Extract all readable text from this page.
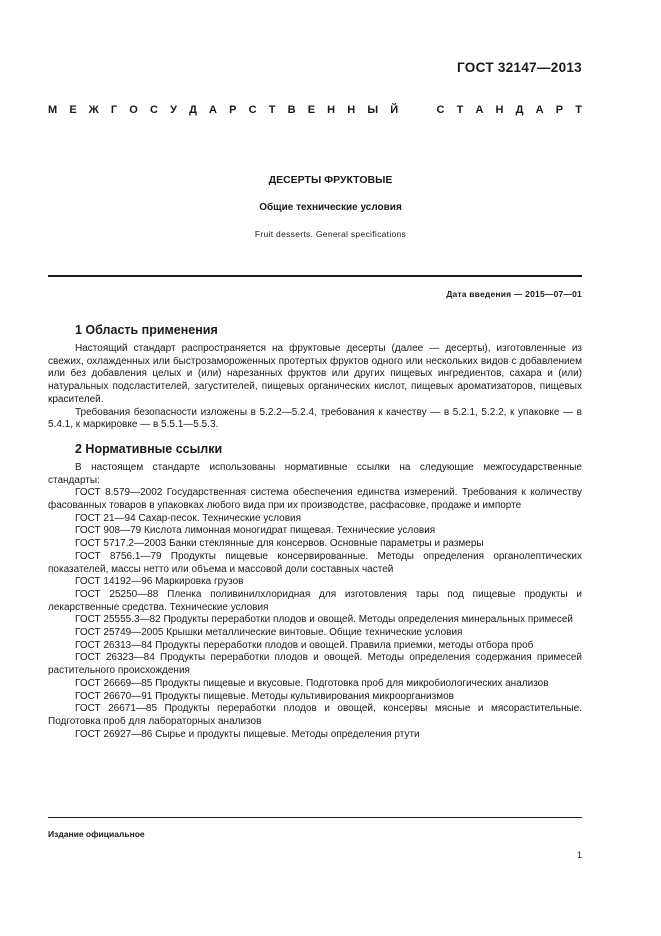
ГОСТ 32147—2013
М Е Ж Г О С У Д А Р С Т В Е Н Н Ы Й	С Т А Н Д А Р Т
ДЕСЕРТЫ ФРУКТОВЫЕ
Общие технические условия
Fruit desserts. General specifications
Дата введения — 2015—07—01
1 Область применения

Настоящий стандарт распространяется на фруктовые десерты (далее — десерты), изготовленные из свежих, охлажденных или быстрозамороженных протертых фруктов одного или нескольких видов с добавлением или без добавления целых и (или) нарезанных фруктов или других пищевых ингредиентов, сахара и (или) натуральных подсластителей, загустителей, пищевых органических кислот, пищевых ароматизаторов, пищевых красителей.

Требования безопасности изложены в 5.2.2—5.2.4, требования к качеству — в 5.2.1, 5.2.2, к упаковке — в 5.4.1, к маркировке — в 5.5.1—5.5.3.

2 Нормативные ссылки

В настоящем стандарте использованы нормативные ссылки на следующие межгосударственные стандарты:

ГОСТ 8.579—2002 Государственная система обеспечения единства измерений. Требования к количеству фасованных товаров в упаковках любого вида при их производстве, расфасовке, продаже и импорте

ГОСТ 21—94 Сахар-песок. Технические условия

ГОСТ 908—79 Кислота лимонная моногидрат пищевая. Технические условия

ГОСТ 5717.2—2003 Банки стеклянные для консервов. Основные параметры и размеры

ГОСТ 8756.1—79 Продукты пищевые консервированные. Методы определения органолептических показателей, массы нетто или объема и массовой доли составных частей

ГОСТ 14192—96 Маркировка грузов

ГОСТ 25250—88 Пленка поливинилхлоридная для изготовления тары под пищевые продукты и лекарственные средства. Технические условия

ГОСТ 25555.3—82 Продукты переработки плодов и овощей. Методы определения минеральных примесей

ГОСТ 25749—2005 Крышки металлические винтовые. Общие технические условия

ГОСТ 26313—84 Продукты переработки плодов и овощей. Правила приемки, методы отбора проб

ГОСТ 26323—84 Продукты переработки плодов и овощей. Методы определения содержания примесей растительного происхождения

ГОСТ 26669—85 Продукты пищевые и вкусовые. Подготовка проб для микробиологических анализов

ГОСТ 26670—91 Продукты пищевые. Методы культивирования микроорганизмов

ГОСТ 26671—85 Продукты переработки плодов и овощей, консервы мясные и мясорастительные. Подготовка проб для лабораторных анализов

ГОСТ 26927—86 Сырье и продукты пищевые. Методы определения ртути

Издание официальное
1
